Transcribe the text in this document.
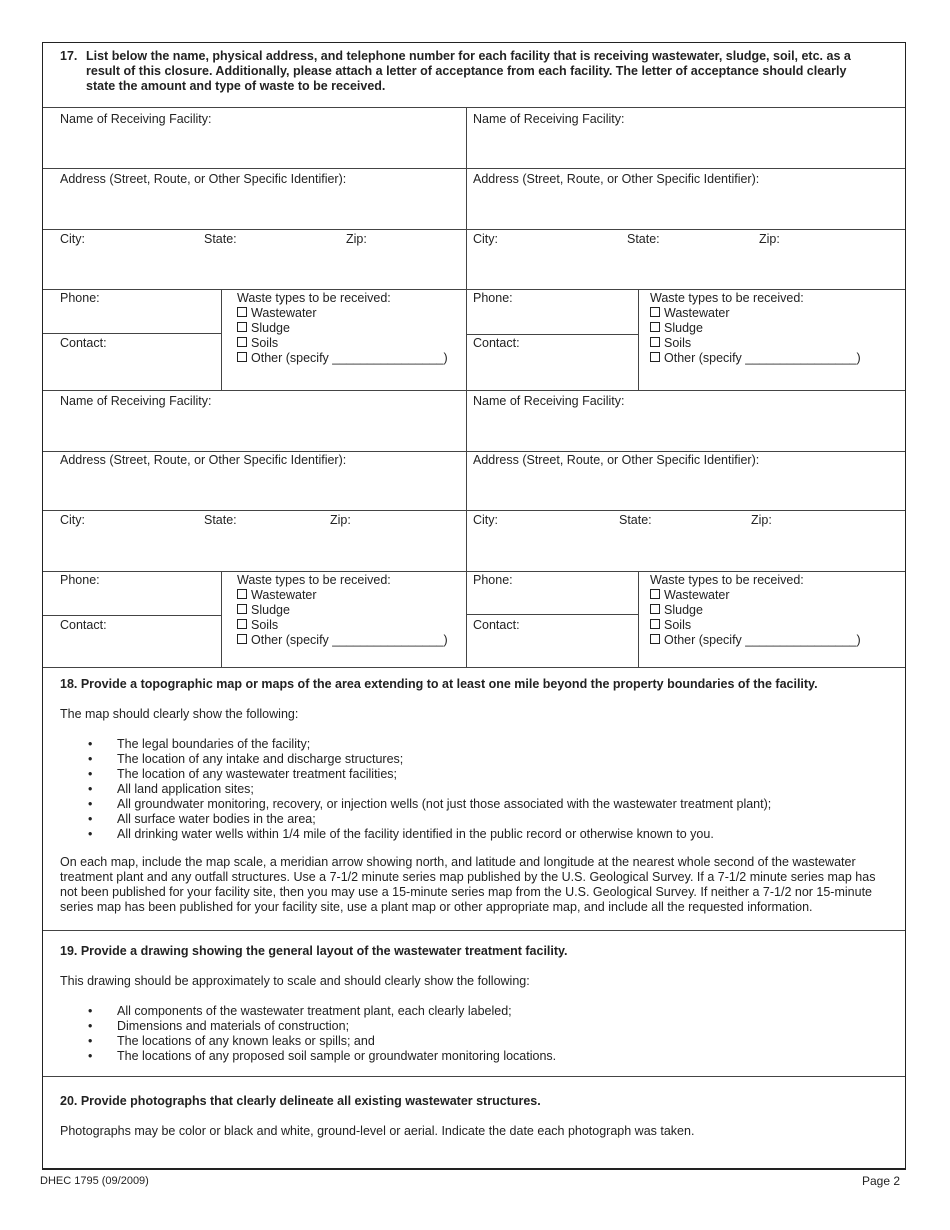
17. List below the name, physical address, and telephone number for each facility that is receiving wastewater, sludge, soil, etc. as a result of this closure. Additionally, please attach a letter of acceptance from each facility. The letter of acceptance should clearly state the amount and type of waste to be received.
Name of Receiving Facility:
Address (Street, Route, or Other Specific Identifier):
City:	State:	Zip:
Phone:
Contact:
Waste types to be received:
Wastewater
Sludge
Soils
Other (specify ________________)
Name of Receiving Facility:
Address (Street, Route, or Other Specific Identifier):
City:	State:	Zip:
Phone:
Contact:
Waste types to be received:
Wastewater
Sludge
Soils
Other (specify ________________)
Name of Receiving Facility:
Address (Street, Route, or Other Specific Identifier):
City:	State:	Zip:
Phone:
Contact:
Waste types to be received:
Wastewater
Sludge
Soils
Other (specify ________________)
Name of Receiving Facility:
Address (Street, Route, or Other Specific Identifier):
City:	State:	Zip:
Phone:
Contact:
Waste types to be received:
Wastewater
Sludge
Soils
Other (specify ________________)
18. Provide a topographic map or maps of the area extending to at least one mile beyond the property boundaries of the facility.
The map should clearly show the following:
• The legal boundaries of the facility;
• The location of any intake and discharge structures;
• The location of any wastewater treatment facilities;
• All land application sites;
• All groundwater monitoring, recovery, or injection wells (not just those associated with the wastewater treatment plant);
• All surface water bodies in the area;
• All drinking water wells within 1/4 mile of the facility identified in the public record or otherwise known to you.
On each map, include the map scale, a meridian arrow showing north, and latitude and longitude at the nearest whole second of the wastewater treatment plant and any outfall structures. Use a 7-1/2 minute series map published by the U.S. Geological Survey. If a 7-1/2 minute series map has not been published for your facility site, then you may use a 15-minute series map from the U.S. Geological Survey. If neither a 7-1/2 nor 15-minute series map has been published for your facility site, use a plant map or other appropriate map, and include all the requested information.
19. Provide a drawing showing the general layout of the wastewater treatment facility.
This drawing should be approximately to scale and should clearly show the following:
• All components of the wastewater treatment plant, each clearly labeled;
• Dimensions and materials of construction;
• The locations of any known leaks or spills; and
• The locations of any proposed soil sample or groundwater monitoring locations.
20. Provide photographs that clearly delineate all existing wastewater structures.
Photographs may be color or black and white, ground-level or aerial. Indicate the date each photograph was taken.
DHEC 1795 (09/2009)	Page 2
